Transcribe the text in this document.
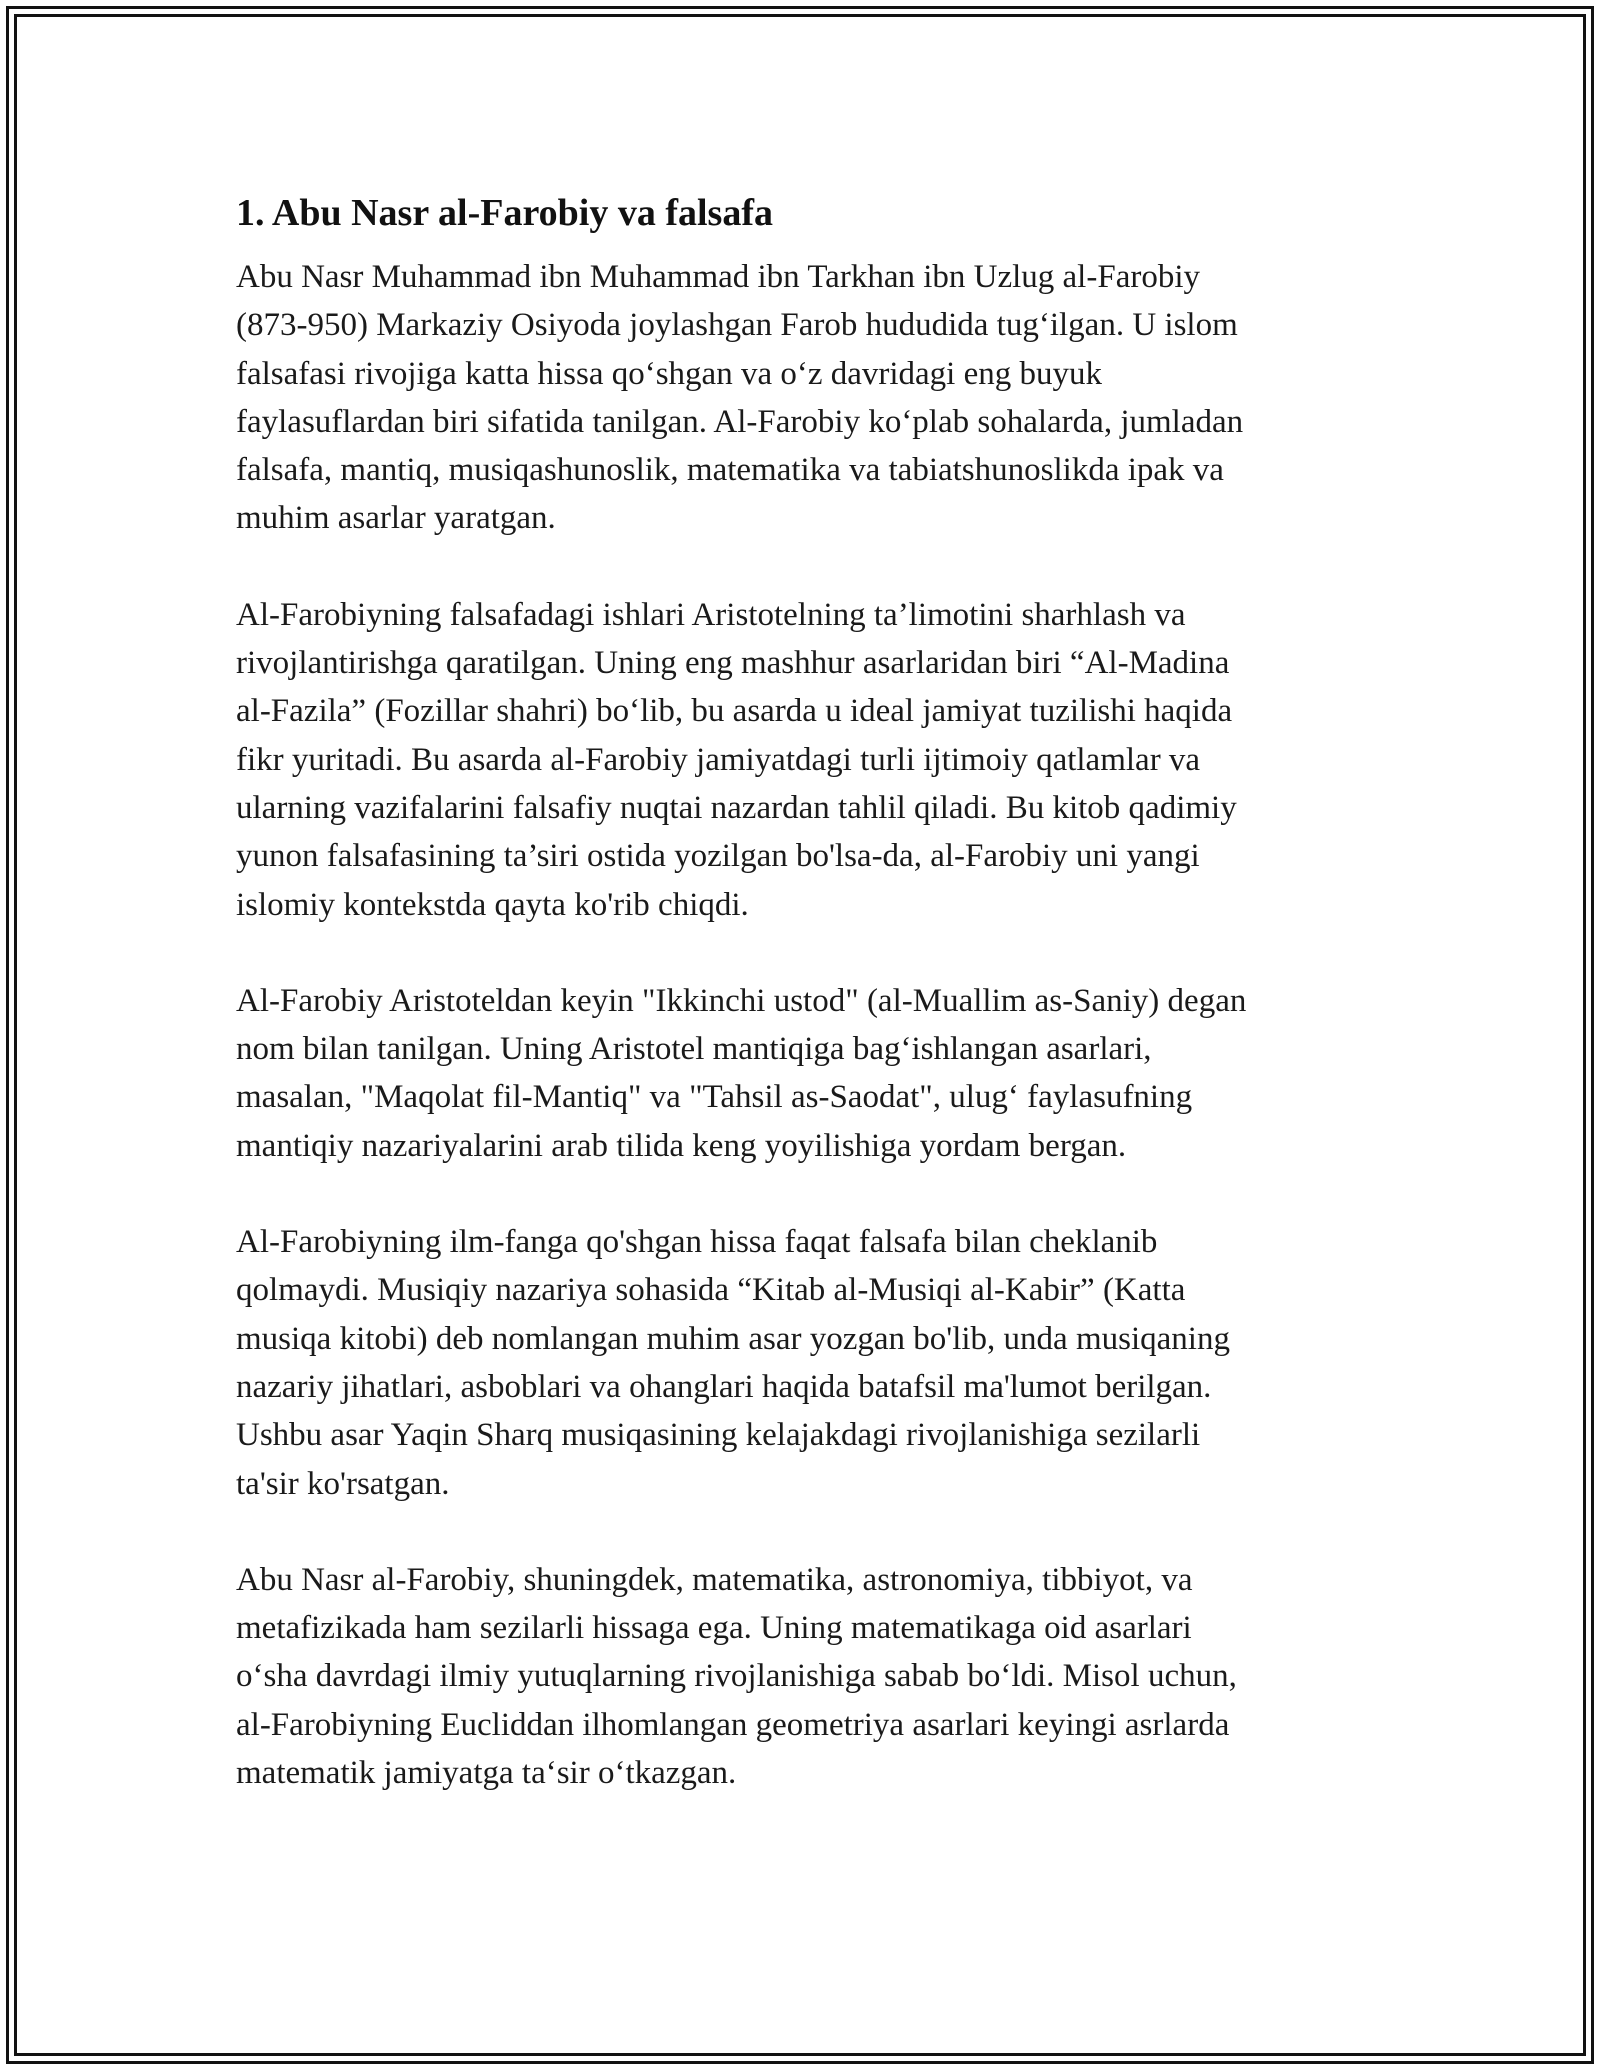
1. Abu Nasr al-Farobiy va falsafa

Abu Nasr Muhammad ibn Muhammad ibn Tarkhan ibn Uzlug al-Farobiy
(873-950) Markaziy Osiyoda joylashgan Farob hududida tug‘ilgan. U islom
falsafasi rivojiga katta hissa qo‘shgan va o‘z davridagi eng buyuk
faylasuflardan biri sifatida tanilgan. Al-Farobiy ko‘plab sohalarda, jumladan
falsafa, mantiq, musiqashunoslik, matematika va tabiatshunoslikda ipak va
muhim asarlar yaratgan.

Al-Farobiyning falsafadagi ishlari Aristotelning ta’limotini sharhlash va
rivojlantirishga qaratilgan. Uning eng mashhur asarlaridan biri “Al-Madina
al-Fazila” (Fozillar shahri) bo‘lib, bu asarda u ideal jamiyat tuzilishi haqida
fikr yuritadi. Bu asarda al-Farobiy jamiyatdagi turli ijtimoiy qatlamlar va
ularning vazifalarini falsafiy nuqtai nazardan tahlil qiladi. Bu kitob qadimiy
yunon falsafasining ta’siri ostida yozilgan bo'lsa-da, al-Farobiy uni yangi
islomiy kontekstda qayta ko'rib chiqdi.

Al-Farobiy Aristoteldan keyin "Ikkinchi ustod" (al-Muallim as-Saniy) degan
nom bilan tanilgan. Uning Aristotel mantiqiga bag‘ishlangan asarlari,
masalan, "Maqolat fil-Mantiq" va "Tahsil as-Saodat", ulug‘ faylasufning
mantiqiy nazariyalarini arab tilida keng yoyilishiga yordam bergan.

Al-Farobiyning ilm-fanga qo'shgan hissa faqat falsafa bilan cheklanib
qolmaydi. Musiqiy nazariya sohasida “Kitab al-Musiqi al-Kabir” (Katta
musiqa kitobi) deb nomlangan muhim asar yozgan bo'lib, unda musiqaning
nazariy jihatlari, asboblari va ohanglari haqida batafsil ma'lumot berilgan.
Ushbu asar Yaqin Sharq musiqasining kelajakdagi rivojlanishiga sezilarli
ta'sir ko'rsatgan.

Abu Nasr al-Farobiy, shuningdek, matematika, astronomiya, tibbiyot, va
metafizikada ham sezilarli hissaga ega. Uning matematikaga oid asarlari
o‘sha davrdagi ilmiy yutuqlarning rivojlanishiga sabab bo‘ldi. Misol uchun,
al-Farobiyning Eucliddan ilhomlangan geometriya asarlari keyingi asrlarda
matematik jamiyatga ta‘sir o‘tkazgan.
